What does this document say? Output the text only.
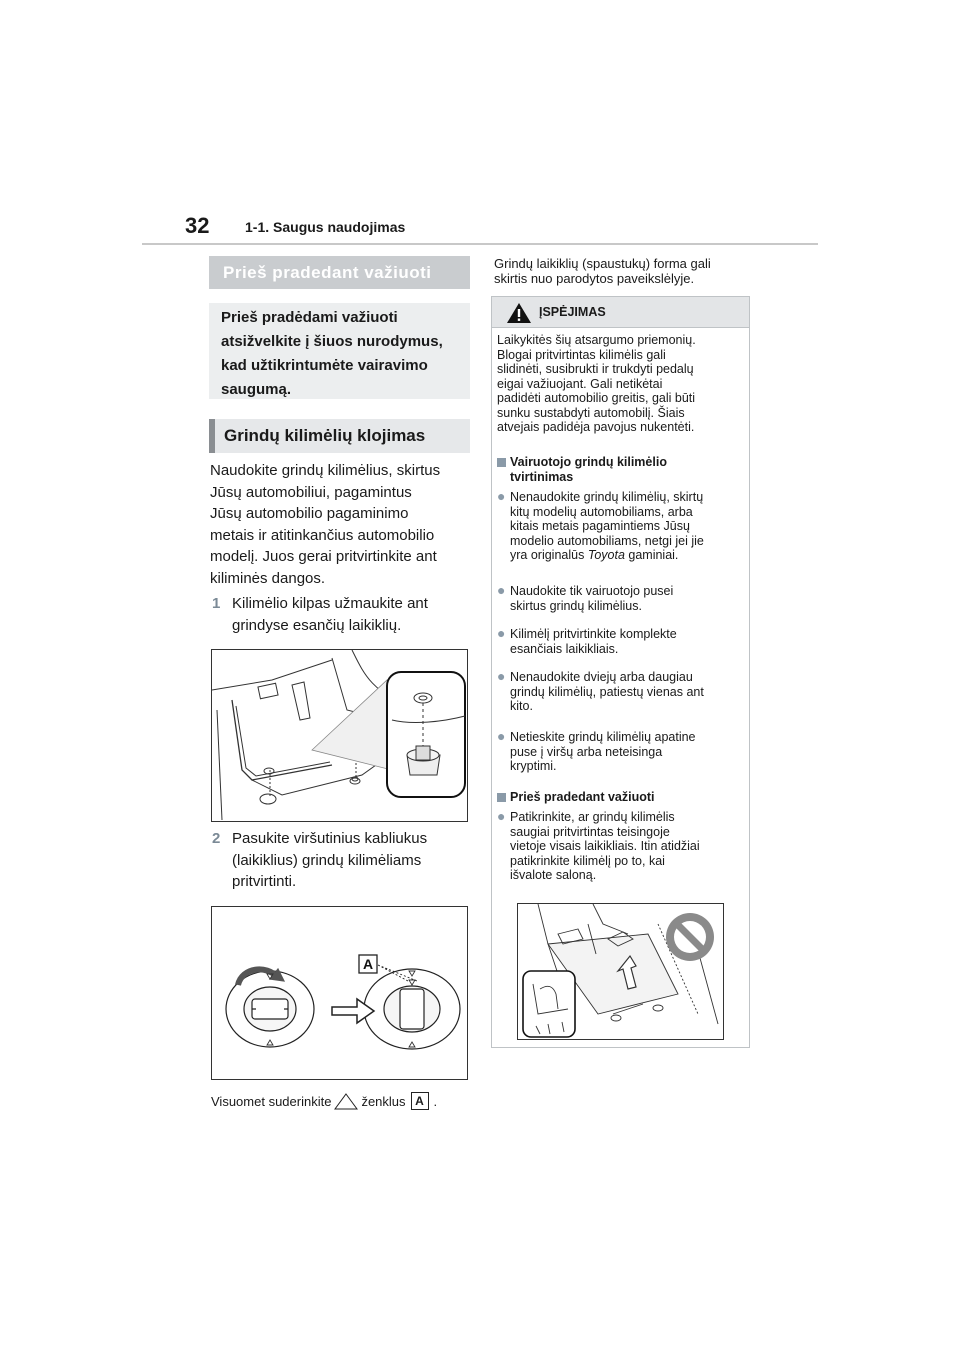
32	1-1. Saugus naudojimas
Prieš pradedant važiuoti
Prieš pradėdami važiuoti
atsižvelkite į šiuos nurodymus,
kad užtikrintumėte vairavimo
saugumą.
Grindų kilimėlių klojimas
Naudokite grindų kilimėlius, skirtus
Jūsų automobiliui, pagamintus
Jūsų automobilio pagaminimo
metais ir atitinkančius automobilio
modelį. Juos gerai pritvirtinkite ant
kiliminės dangos.
1 Kilimėlio kilpas užmaukite ant
grindyse esančių laikiklių.
2 Pasukite viršutinius kabliukus
(laikiklius) grindų kilimėliams
pritvirtinti.
A
Visuomet suderinkite ženklus A .
Grindų laikiklių (spaustukų) forma gali
skirtis nuo parodytos paveikslėlyje.
ĮSPĖJIMAS
Laikykitės šių atsargumo priemonių.
Blogai pritvirtintas kilimėlis gali
slidinėti, susibrukti ir trukdyti pedalų
eigai važiuojant. Gali netikėtai
padidėti automobilio greitis, gali būti
sunku sustabdyti automobilį. Šiais
atvejais padidėja pavojus nukentėti.
Vairuotojo grindų kilimėlio
tvirtinimas
● Nenaudokite grindų kilimėlių, skirtų
kitų modelių automobiliams, arba
kitais metais pagamintiems Jūsų
modelio automobiliams, netgi jei jie
yra originalūs Toyota gaminiai.
● Naudokite tik vairuotojo pusei
skirtus grindų kilimėlius.
● Kilimėlį pritvirtinkite komplekte
esančiais laikikliais.
● Nenaudokite dviejų arba daugiau
grindų kilimėlių, patiestų vienas ant
kito.
● Netieskite grindų kilimėlių apatine
puse į viršų arba neteisinga
kryptimi.
Prieš pradedant važiuoti
● Patikrinkite, ar grindų kilimėlis
saugiai pritvirtintas teisingoje
vietoje visais laikikliais. Itin atidžiai
patikrinkite kilimėlį po to, kai
išvalote saloną.
